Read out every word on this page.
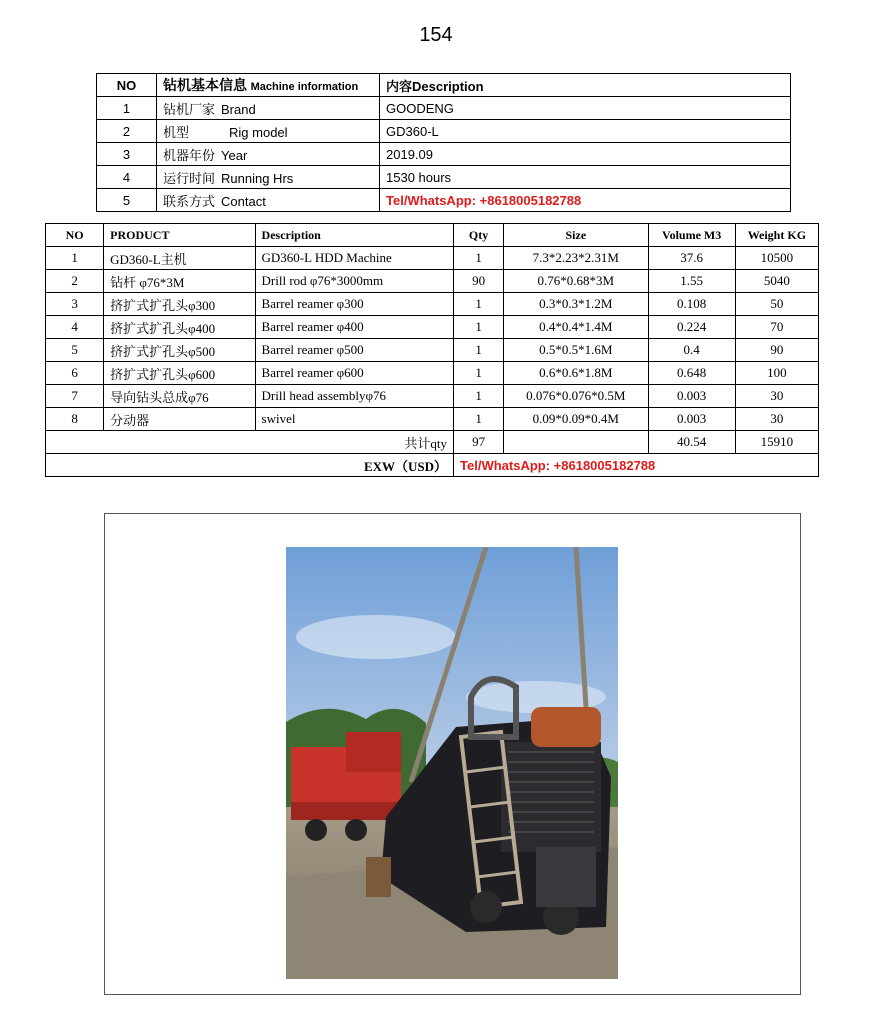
154
NO	钻机基本信息 Machine information	内容Description
1	钻机厂家 Brand	GOODENG
2	机型 Rig model	GD360-L
3	机器年份 Year	2019.09
4	运行时间 Running Hrs	1530 hours
5	联系方式 Contact	Tel/WhatsApp: +8618005182788
NO	PRODUCT	Description	Qty	Size	Volume M3	Weight KG
1	GD360-L主机	GD360-L HDD Machine	1	7.3*2.23*2.31M	37.6	10500
2	钻杆 φ76*3M	Drill rod φ76*3000mm	90	0.76*0.68*3M	1.55	5040
3	挤扩式扩孔头φ300	Barrel reamer φ300	1	0.3*0.3*1.2M	0.108	50
4	挤扩式扩孔头φ400	Barrel reamer φ400	1	0.4*0.4*1.4M	0.224	70
5	挤扩式扩孔头φ500	Barrel reamer φ500	1	0.5*0.5*1.6M	0.4	90
6	挤扩式扩孔头φ600	Barrel reamer φ600	1	0.6*0.6*1.8M	0.648	100
7	导向钻头总成φ76	Drill head assemblyφ76	1	0.076*0.076*0.5M	0.003	30
8	分动器	swivel	1	0.09*0.09*0.4M	0.003	30
共计qty			97		40.54	15910
EXW（USD）			Tel/WhatsApp: +8618005182788			
